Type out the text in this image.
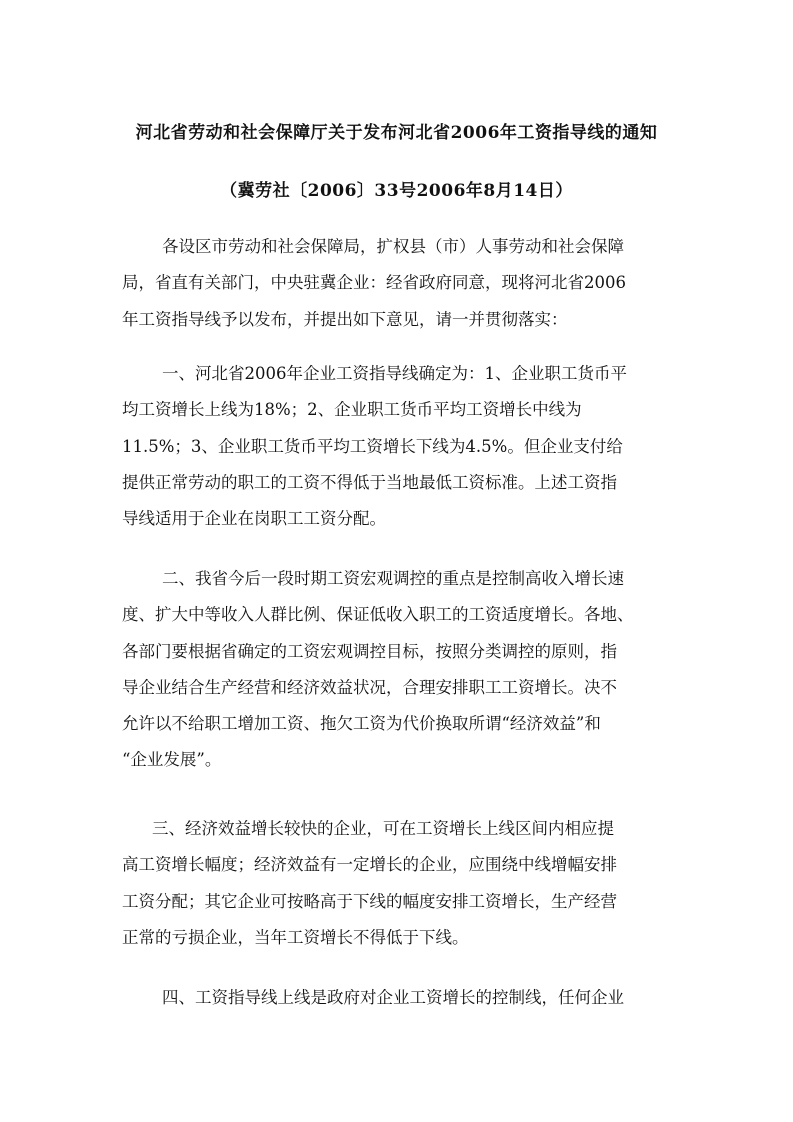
河北省劳动和社会保障厅关于发布河北省2006年工资指导线的通知
（冀劳社〔2006〕33号2006年8月14日）
各设区市劳动和社会保障局，扩权县（市）人事劳动和社会保障
局，省直有关部门，中央驻冀企业：经省政府同意，现将河北省2006
年工资指导线予以发布，并提出如下意见，请一并贯彻落实：
一、河北省2006年企业工资指导线确定为：1、企业职工货币平
均工资增长上线为18%；2、企业职工货币平均工资增长中线为
11.5%；3、企业职工货币平均工资增长下线为4.5%。但企业支付给
提供正常劳动的职工的工资不得低于当地最低工资标准。上述工资指
导线适用于企业在岗职工工资分配。
二、我省今后一段时期工资宏观调控的重点是控制高收入增长速
度、扩大中等收入人群比例、保证低收入职工的工资适度增长。各地、
各部门要根据省确定的工资宏观调控目标，按照分类调控的原则，指
导企业结合生产经营和经济效益状况，合理安排职工工资增长。决不
允许以不给职工增加工资、拖欠工资为代价换取所谓“经济效益”和
“企业发展”。
三、经济效益增长较快的企业，可在工资增长上线区间内相应提
高工资增长幅度；经济效益有一定增长的企业，应围绕中线增幅安排
工资分配；其它企业可按略高于下线的幅度安排工资增长，生产经营
正常的亏损企业，当年工资增长不得低于下线。
四、工资指导线上线是政府对企业工资增长的控制线，任何企业
